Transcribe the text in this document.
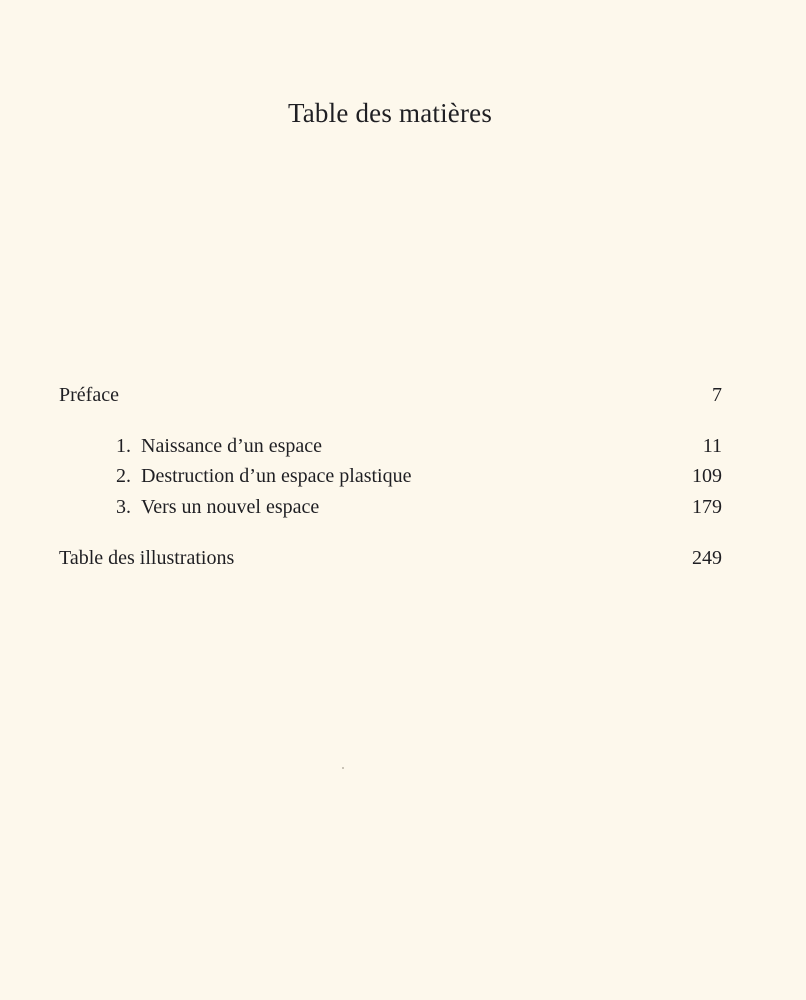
Table des matières
Préface	7
1. Naissance d’un espace	11
2. Destruction d’un espace plastique	109
3. Vers un nouvel espace	179
Table des illustrations	249
